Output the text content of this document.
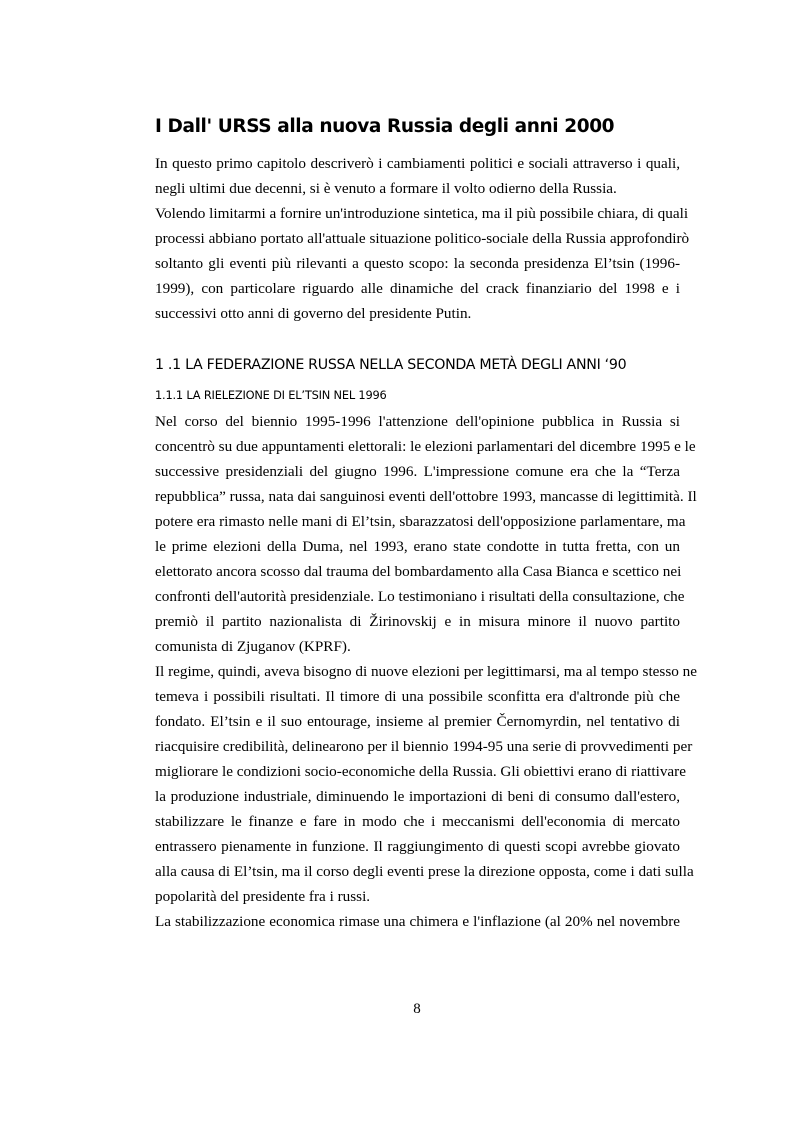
I Dall' URSS alla nuova Russia degli anni 2000

In questo primo capitolo descriverò i cambiamenti politici e sociali attraverso i quali,

negli ultimi due decenni, si è venuto a formare il volto odierno della Russia.

Volendo limitarmi a fornire un'introduzione sintetica, ma il più possibile chiara, di quali

processi abbiano portato all'attuale situazione politico-sociale della Russia approfondirò

soltanto gli eventi più rilevanti a questo scopo: la seconda presidenza El’tsin (1996-

1999), con particolare riguardo alle dinamiche del crack finanziario del 1998 e i

successivi otto anni di governo del presidente Putin.

1 .1 LA FEDERAZIONE RUSSA NELLA SECONDA METÀ DEGLI ANNI ‘90
1.1.1 LA RIELEZIONE DI EL’TSIN NEL 1996

Nel corso del biennio 1995-1996 l'attenzione dell'opinione pubblica in Russia si

concentrò su due appuntamenti elettorali: le elezioni parlamentari del dicembre 1995 e le

successive presidenziali del giugno 1996. L'impressione comune era che la “Terza

repubblica” russa, nata dai sanguinosi eventi dell'ottobre 1993, mancasse di legittimità. Il

potere era rimasto nelle mani di El’tsin, sbarazzatosi dell'opposizione parlamentare, ma

le prime elezioni della Duma, nel 1993, erano state condotte in tutta fretta, con un

elettorato ancora scosso dal trauma del bombardamento alla Casa Bianca e scettico nei

confronti dell'autorità presidenziale. Lo testimoniano i risultati della consultazione, che

premiò il partito nazionalista di Žirinovskij e in misura minore il nuovo partito

comunista di Zjuganov (KPRF).

Il regime, quindi, aveva bisogno di nuove elezioni per legittimarsi, ma al tempo stesso ne

temeva i possibili risultati. Il timore di una possibile sconfitta era d'altronde più che

fondato. El’tsin e il suo entourage, insieme al premier Černomyrdin, nel tentativo di

riacquisire credibilità, delinearono per il biennio 1994-95 una serie di provvedimenti per

migliorare le condizioni socio-economiche della Russia. Gli obiettivi erano di riattivare

la produzione industriale, diminuendo le importazioni di beni di consumo dall'estero,

stabilizzare le finanze e fare in modo che i meccanismi dell'economia di mercato

entrassero pienamente in funzione. Il raggiungimento di questi scopi avrebbe giovato

alla causa di El’tsin, ma il corso degli eventi prese la direzione opposta, come i dati sulla

popolarità del presidente fra i russi.

La stabilizzazione economica rimase una chimera e l'inflazione (al 20% nel novembre

8
